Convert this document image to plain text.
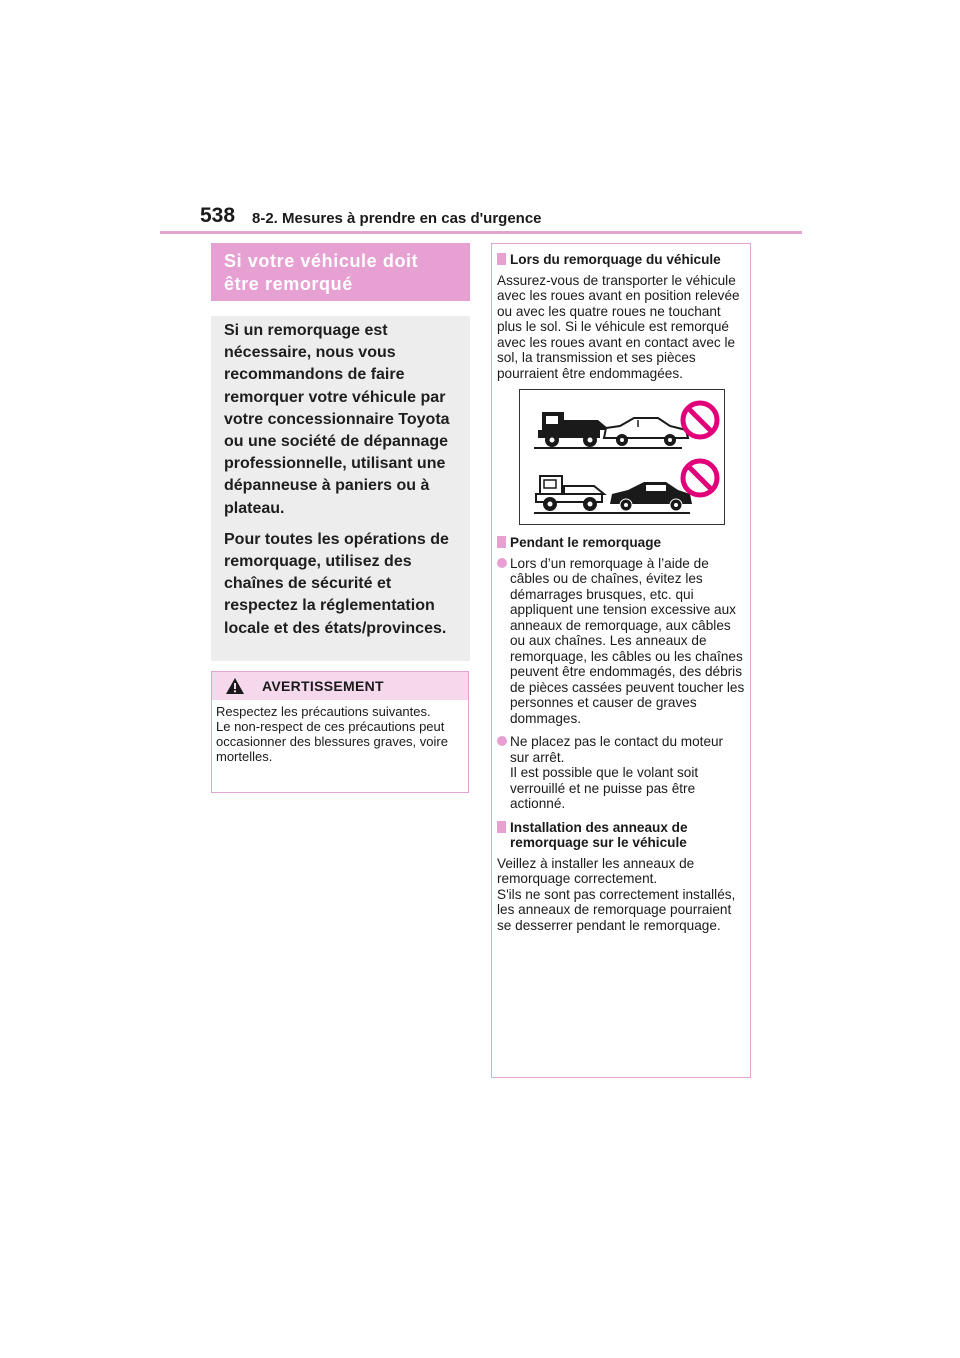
538 8-2. Mesures à prendre en cas d'urgence
Si votre véhicule doit
être remorqué

Si un remorquage est nécessaire, nous vous recommandons de faire remorquer votre véhicule par votre concessionnaire Toyota ou une société de dépannage professionnelle, utilisant une dépanneuse à paniers ou à plateau.

Pour toutes les opérations de remorquage, utilisez des chaînes de sécurité et respectez la réglementation locale et des états/provinces.

AVERTISSEMENT

Respectez les précautions suivantes.

Le non-respect de ces précautions peut occasionner des blessures graves, voire mortelles.

Lors du remorquage du véhicule

Assurez-vous de transporter le véhicule avec les roues avant en position relevée ou avec les quatre roues ne touchant plus le sol. Si le véhicule est remorqué avec les roues avant en contact avec le sol, la transmission et ses pièces pourraient être endommagées.

Pendant le remorquage
Lors d’un remorquage à l’aide de câbles ou de chaînes, évitez les démarrages brusques, etc. qui appliquent une tension excessive aux anneaux de remorquage, aux câbles ou aux chaînes. Les anneaux de remorquage, les câbles ou les chaînes peuvent être endommagés, des débris de pièces cassées peuvent toucher les personnes et causer de graves dommages.
Ne placez pas le contact du moteur sur arrêt.
Il est possible que le volant soit verrouillé et ne puisse pas être actionné.
Installation des anneaux de remorquage sur le véhicule
Veillez à installer les anneaux de remorquage correctement.
S'ils ne sont pas correctement installés, les anneaux de remorquage pourraient se desserrer pendant le remorquage.
